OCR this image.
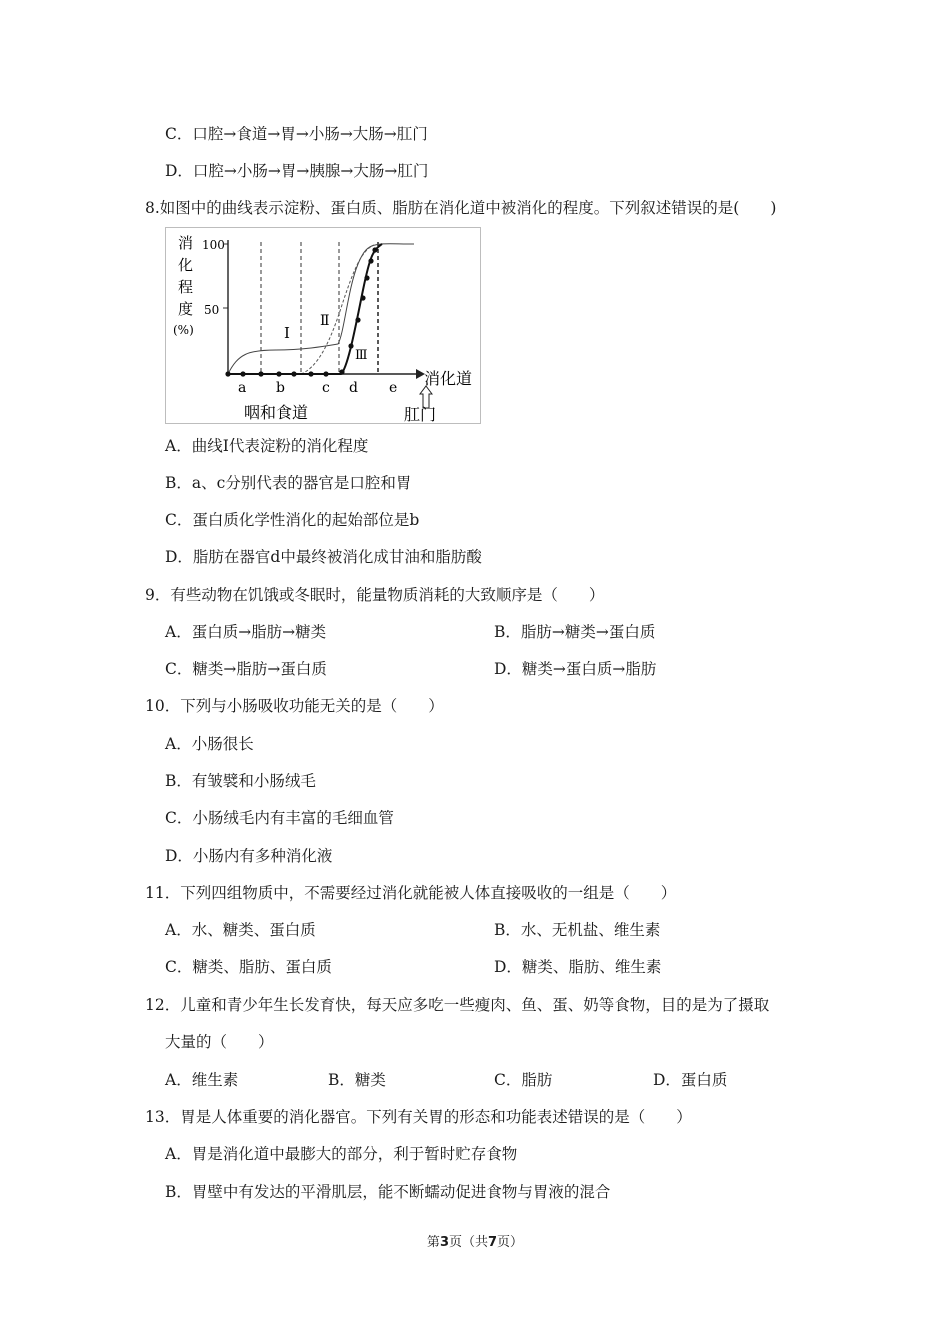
C．口腔→食道→胃→小肠→大肠→肛门
D．口腔→小肠→胃→胰腺→大肠→肛门
8.如图中的曲线表示淀粉、蛋白质、脂肪在消化道中被消化的程度。下列叙述错误的是(　　)
消
化
程
度
(%)
100
50
Ⅰ
Ⅱ
Ⅲ
a b	c d e 消化道
咽和食道	肛门
A．曲线Ⅰ代表淀粉的消化程度
B．a、c分别代表的器官是口腔和胃
C．蛋白质化学性消化的起始部位是b
D．脂肪在器官d中最终被消化成甘油和脂肪酸
9．有些动物在饥饿或冬眠时，能量物质消耗的大致顺序是（　　）
A．蛋白质→脂肪→糖类	B．脂肪→糖类→蛋白质
C．糖类→脂肪→蛋白质	D．糖类→蛋白质→脂肪
10．下列与小肠吸收功能无关的是（　　）
A．小肠很长
B．有皱襞和小肠绒毛
C．小肠绒毛内有丰富的毛细血管
D．小肠内有多种消化液
11．下列四组物质中，不需要经过消化就能被人体直接吸收的一组是（　　）
A．水、糖类、蛋白质	B．水、无机盐、维生素
C．糖类、脂肪、蛋白质	D．糖类、脂肪、维生素
12．儿童和青少年生长发育快，每天应多吃一些瘦肉、鱼、蛋、奶等食物，目的是为了摄取
大量的（　　）
A．维生素	B．糖类	C．脂肪	D．蛋白质
13．胃是人体重要的消化器官。下列有关胃的形态和功能表述错误的是（　　）
A．胃是消化道中最膨大的部分，利于暂时贮存食物
B．胃壁中有发达的平滑肌层，能不断蠕动促进食物与胃液的混合
第3页（共7页）
